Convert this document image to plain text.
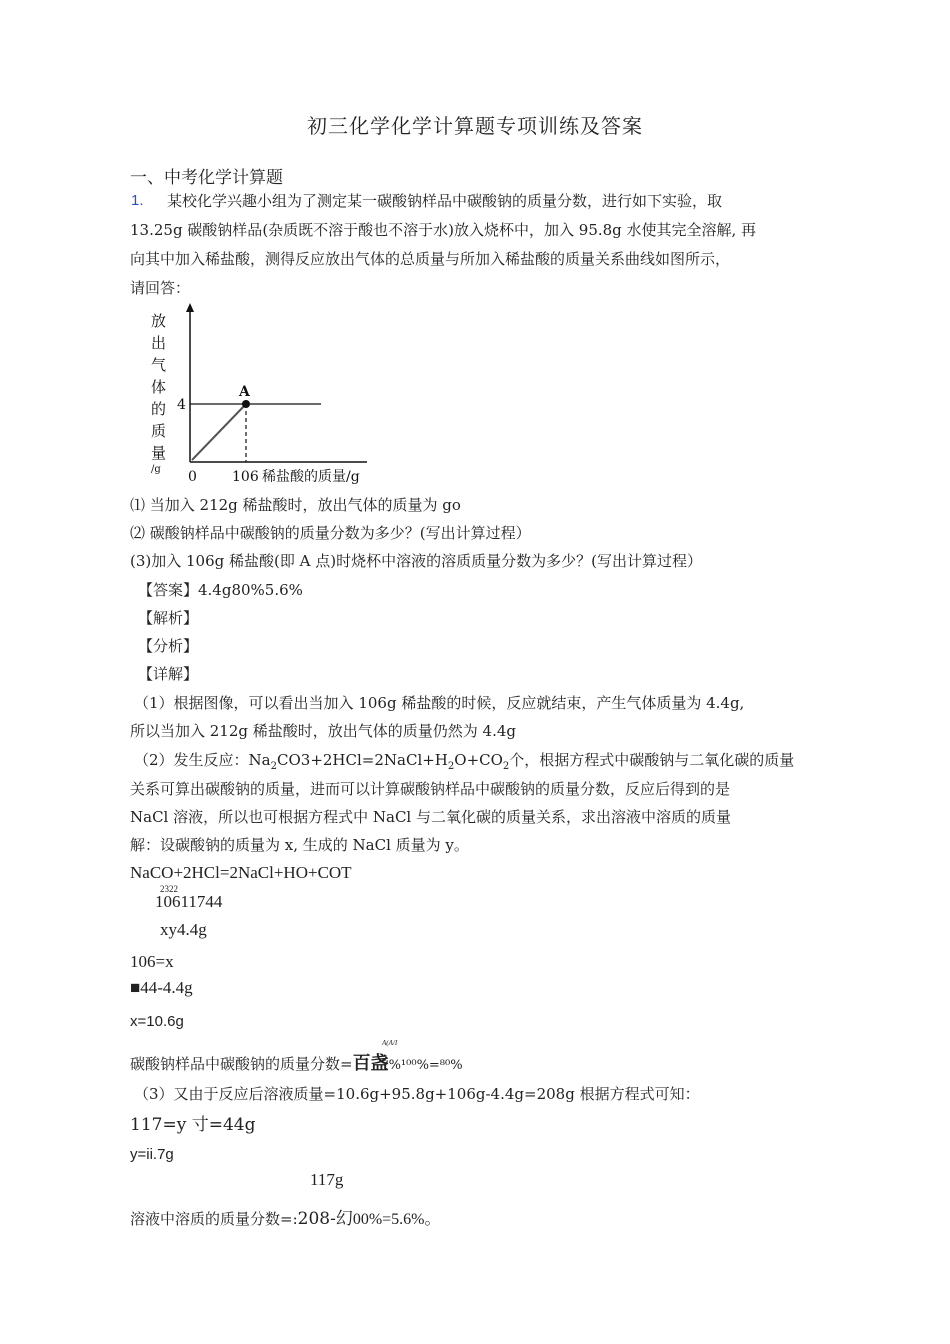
初三化学化学计算题专项训练及答案
一、中考化学计算题
1. 某校化学兴趣小组为了测定某一碳酸钠样品中碳酸钠的质量分数，进行如下实验，取
13.25g 碳酸钠样品(杂质既不溶于酸也不溶于水)放入烧杯中，加入 95.8g 水使其完全溶解, 再
向其中加入稀盐酸，测得反应放出气体的总质量与所加入稀盐酸的质量关系曲线如图所示，
请回答：
放
出
气
体
的
质
量
/g
A
4
0	106 稀盐酸的质量/g
⑴ 当加入 212g 稀盐酸时，放出气体的质量为 go
⑵ 碳酸钠样品中碳酸钠的质量分数为多少？(写出计算过程）
(3)加入 106g 稀盐酸(即 A 点)时烧杯中溶液的溶质质量分数为多少？(写出计算过程）
【答案】4.4g80%5.6%
【解析】
【分析】
【详解】
（1）根据图像，可以看出当加入 106g 稀盐酸的时候，反应就结束，产生气体质量为 4.4g,
所以当加入 212g 稀盐酸时，放出气体的质量仍然为 4.4g
（2）发生反应：$Na_2CO3+2HCl=2NaCl+H_2O+CO_2$个，根据方程式中碳酸钠与二氧化碳的质量
关系可算出碳酸钠的质量，进而可以计算碳酸钠样品中碳酸钠的质量分数，反应后得到的是
NaCl 溶液，所以也可根据方程式中 NaCl 与二氧化碳的质量关系，求出溶液中溶质的质量
解：设碳酸钠的质量为 x, 生成的 NaCl 质量为 y。
NaCO+2HCl=2NaCl+HO+COT
2322
10611744
xy4.4g
106=x
■44-4.4g
x=10.6g
A(A/I
碳酸钠样品中碳酸钠的质量分数=百盏%¹⁰⁰%=⁸⁰%
（3）又由于反应后溶液质量=10.6g+95.8g+106g-4.4g=208g 根据方程式可知：
117=y 寸=44g
y=ii.7g
117g
溶液中溶质的质量分数=:208-幻00%=5.6%。
